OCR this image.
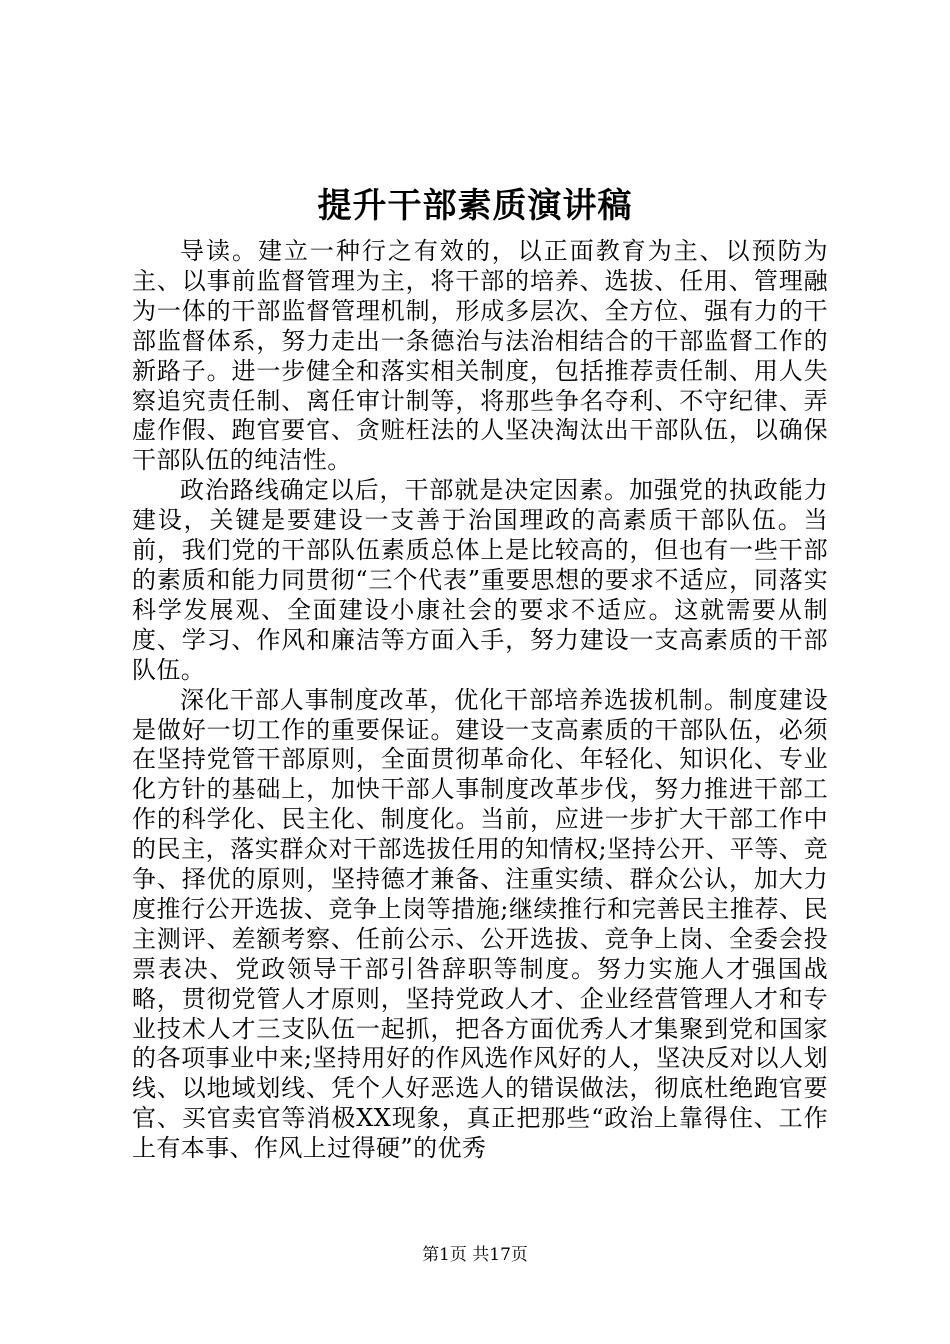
提升干部素质演讲稿

导读。建立一种行之有效的，以正面教育为主、以预防为主、以事前监督管理为主，将干部的培养、选拔、任用、管理融为一体的干部监督管理机制，形成多层次、全方位、强有力的干部监督体系，努力走出一条德治与法治相结合的干部监督工作的新路子。进一步健全和落实相关制度，包括推荐责任制、用人失察追究责任制、离任审计制等，将那些争名夺利、不守纪律、弄虚作假、跑官要官、贪赃枉法的人坚决淘汰出干部队伍，以确保干部队伍的纯洁性。

政治路线确定以后，干部就是决定因素。加强党的执政能力建设，关键是要建设一支善于治国理政的高素质干部队伍。当前，我们党的干部队伍素质总体上是比较高的，但也有一些干部的素质和能力同贯彻“三个代表”重要思想的要求不适应，同落实科学发展观、全面建设小康社会的要求不适应。这就需要从制度、学习、作风和廉洁等方面入手，努力建设一支高素质的干部队伍。

深化干部人事制度改革，优化干部培养选拔机制。制度建设是做好一切工作的重要保证。建设一支高素质的干部队伍，必须在坚持党管干部原则，全面贯彻革命化、年轻化、知识化、专业化方针的基础上，加快干部人事制度改革步伐，努力推进干部工作的科学化、民主化、制度化。当前，应进一步扩大干部工作中的民主，落实群众对干部选拔任用的知情权;坚持公开、平等、竞争、择优的原则，坚持德才兼备、注重实绩、群众公认，加大力度推行公开选拔、竞争上岗等措施;继续推行和完善民主推荐、民主测评、差额考察、任前公示、公开选拔、竞争上岗、全委会投票表决、党政领导干部引咎辞职等制度。努力实施人才强国战略，贯彻党管人才原则，坚持党政人才、企业经营管理人才和专业技术人才三支队伍一起抓，把各方面优秀人才集聚到党和国家的各项事业中来;坚持用好的作风选作风好的人，坚决反对以人划线、以地域划线、凭个人好恶选人的错误做法，彻底杜绝跑官要官、买官卖官等消极XX现象，真正把那些“政治上靠得住、工作上有本事、作风上过得硬”的优秀

第1页 共17页
